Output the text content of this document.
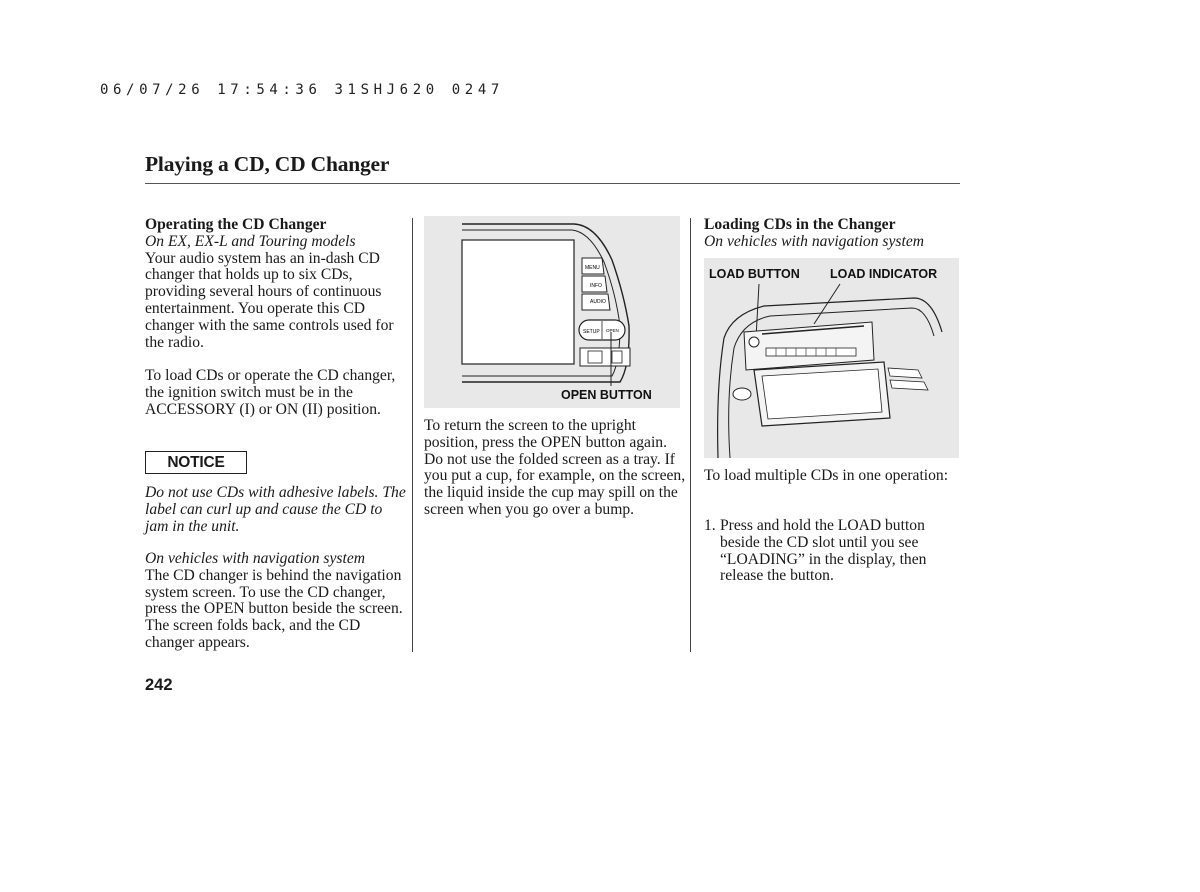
06/07/26 17:54:36 31SHJ620 0247
Playing a CD, CD Changer

Operating the CD Changer

On EX, EX-L and Touring models

Your audio system has an in-dash CD changer that holds up to six CDs, providing several hours of continuous entertainment. You operate this CD changer with the same controls used for the radio.

To load CDs or operate the CD changer, the ignition switch must be in the ACCESSORY (I) or ON (II) position.

NOTICE
Do not use CDs with adhesive labels. The label can curl up and cause the CD to jam in the unit.

On vehicles with navigation system

The CD changer is behind the navigation system screen. To use the CD changer, press the OPEN button beside the screen. The screen folds back, and the CD changer appears.

MENU
INFO
AUDIO
SETUP OPEN
OPEN BUTTON
To return the screen to the upright position, press the OPEN button again. Do not use the folded screen as a tray. If you put a cup, for example, on the screen, the liquid inside the cup may spill on the screen when you go over a bump.

Loading CDs in the Changer

On vehicles with navigation system

LOAD BUTTON LOAD INDICATOR
To load multiple CDs in one operation:
1. Press and hold the LOAD button beside the CD slot until you see “LOADING” in the display, then release the button.
242
